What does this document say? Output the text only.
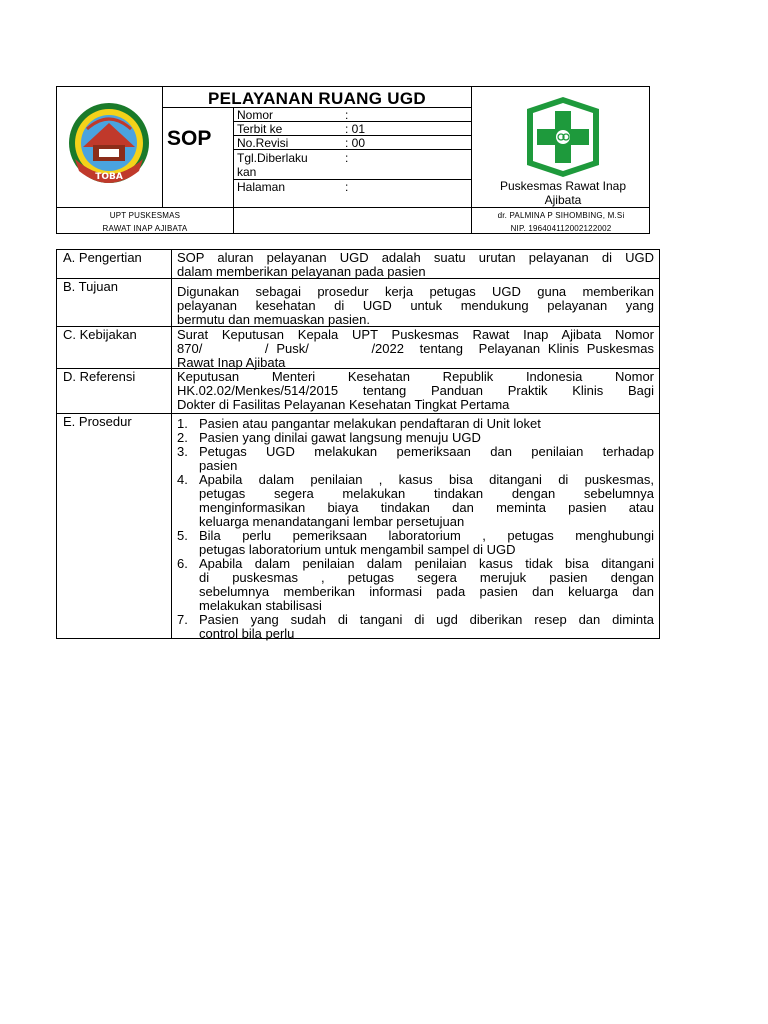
TOBA
PELAYANAN RUANG UGD
SOP
Nomor	:
Terbit ke	: 01
No.Revisi	: 00
Tgl.Diberlaku	:
kan
Halaman	:	Puskesmas Rawat Inap
Ajibata
UPT PUSKESMAS
RAWAT INAP AJIBATA
dr. PALMINA P SIHOMBING, M.Si
NIP. 196404112002122002
A. Pengertian	SOP aluran pelayanan UGD adalah suatu urutan pelayanan di UGD
dalam memberikan pelayanan pada pasien
B. Tujuan	Digunakan sebagai prosedur kerja petugas UGD guna memberikan
pelayanan kesehatan di UGD untuk mendukung pelayanan yang
bermutu dan memuaskan pasien.
C. Kebijakan	Surat Keputusan Kepala UPT Puskesmas Rawat Inap Ajibata Nomor
870/        / Pusk/        /2022  tentang  Pelayanan Klinis Puskesmas
Rawat Inap Ajibata
D. Referensi	Keputusan Menteri Kesehatan Republik Indonesia Nomor
HK.02.02/Menkes/514/2015 tentang Panduan Praktik Klinis Bagi
Dokter di Fasilitas Pelayanan Kesehatan Tingkat Pertama
E. Prosedur	1. Pasien atau pangantar melakukan pendaftaran di Unit loket
2. Pasien yang dinilai gawat langsung menuju UGD
3. Petugas UGD melakukan pemeriksaan dan penilaian terhadap
pasien
4. Apabila dalam penilaian , kasus bisa ditangani di puskesmas,
petugas segera melakukan tindakan dengan sebelumnya
menginformasikan biaya tindakan dan meminta pasien atau
keluarga menandatangani lembar persetujuan
5. Bila perlu pemeriksaan laboratorium , petugas menghubungi
petugas laboratorium untuk mengambil sampel di UGD
6. Apabila dalam penilaian dalam penilaian kasus tidak bisa ditangani
di puskesmas , petugas segera merujuk pasien dengan
sebelumnya memberikan informasi pada pasien dan keluarga dan
melakukan stabilisasi
7. Pasien yang sudah di tangani di ugd diberikan resep dan diminta
control bila perlu
